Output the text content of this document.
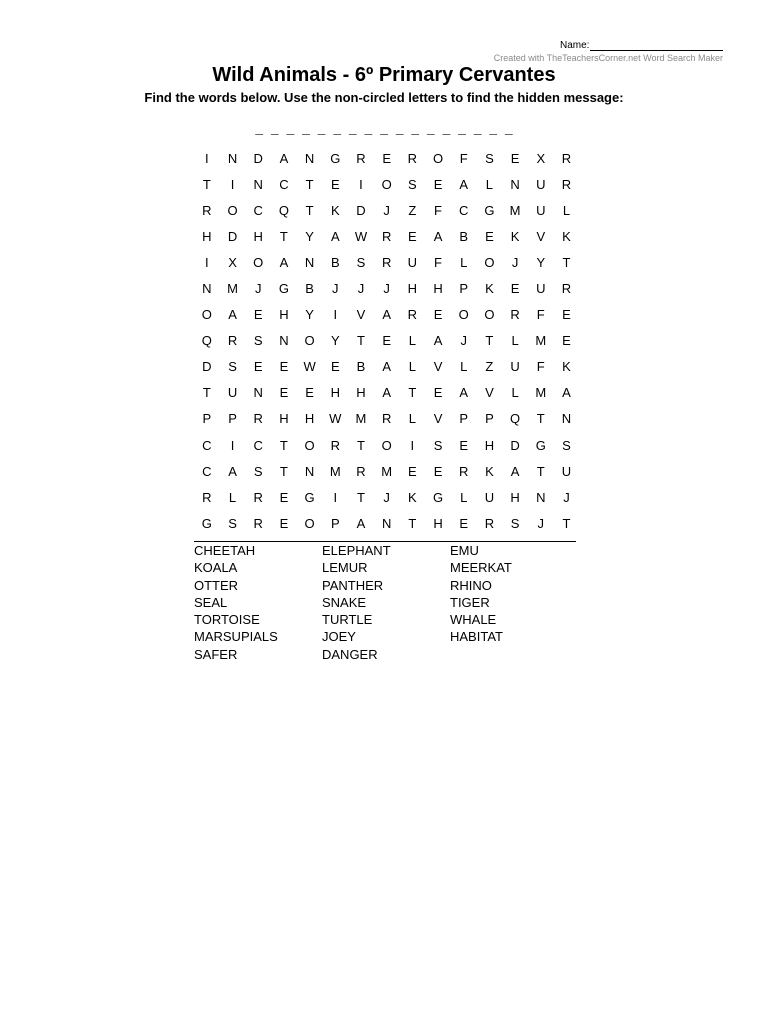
Name:
Created with TheTeachersCorner.net Word Search Maker
Wild Animals - 6º Primary Cervantes
Find the words below. Use the non-circled letters to find the hidden message:
_ _ _ _ _ _ _ _ _ _ _ _ _ _ _ _ _
I	N	D	A	N	G	R	E	R	O	F	S	E	X	R
T	I	N	C	T	E	I	O	S	E	A	L	N	U	R
R	O	C	Q	T	K	D	J	Z	F	C	G	M	U	L
H	D	H	T	Y	A	W	R	E	A	B	E	K	V	K
I	X	O	A	N	B	S	R	U	F	L	O	J	Y	T
N	M	J	G	B	J	J	J	H	H	P	K	E	U	R
O	A	E	H	Y	I	V	A	R	E	O	O	R	F	E
Q	R	S	N	O	Y	T	E	L	A	J	T	L	M	E
D	S	E	E	W	E	B	A	L	V	L	Z	U	F	K
T	U	N	E	E	H	H	A	T	E	A	V	L	M	A
P	P	R	H	H	W	M	R	L	V	P	P	Q	T	N
C	I	C	T	O	R	T	O	I	S	E	H	D	G	S
C	A	S	T	N	M	R	M	E	E	R	K	A	T	U
R	L	R	E	G	I	T	J	K	G	L	U	H	N	J
G	S	R	E	O	P	A	N	T	H	E	R	S	J	T
CHEETAH
KOALA
OTTER
SEAL
TORTOISE
MARSUPIALS
SAFER
ELEPHANT
LEMUR
PANTHER
SNAKE
TURTLE
JOEY
DANGER
EMU
MEERKAT
RHINO
TIGER
WHALE
HABITAT
